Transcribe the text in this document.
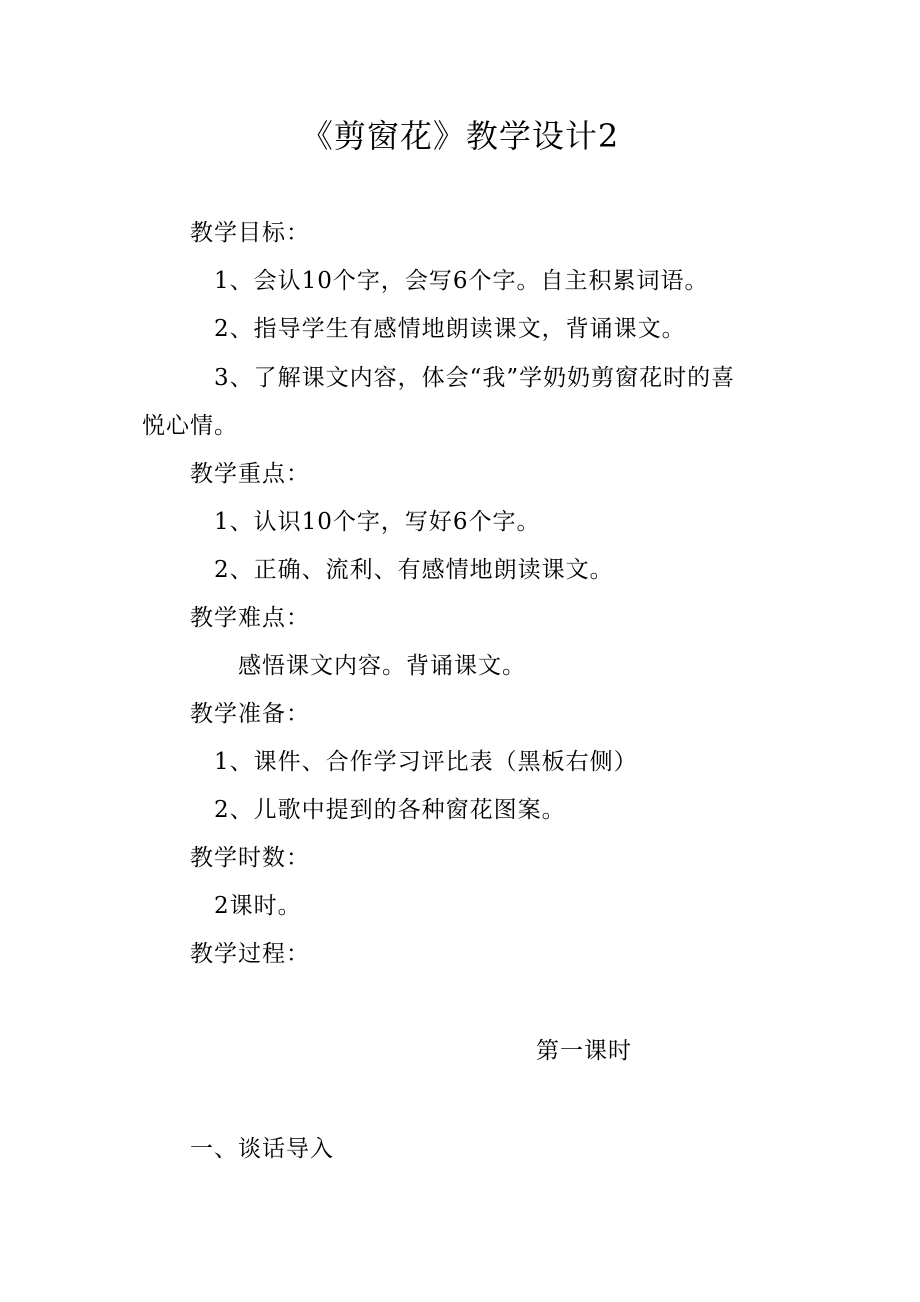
《剪窗花》教学设计2
教学目标：
1、会认10个字，会写6个字。自主积累词语。
2、指导学生有感情地朗读课文，背诵课文。
3、了解课文内容，体会“我”学奶奶剪窗花时的喜
悦心情。
教学重点：
1、认识10个字，写好6个字。
2、正确、流利、有感情地朗读课文。
教学难点：
感悟课文内容。背诵课文。
教学准备：
1、课件、合作学习评比表（黑板右侧）
2、儿歌中提到的各种窗花图案。
教学时数：
2课时。
教学过程：
第一课时
一、谈话导入
